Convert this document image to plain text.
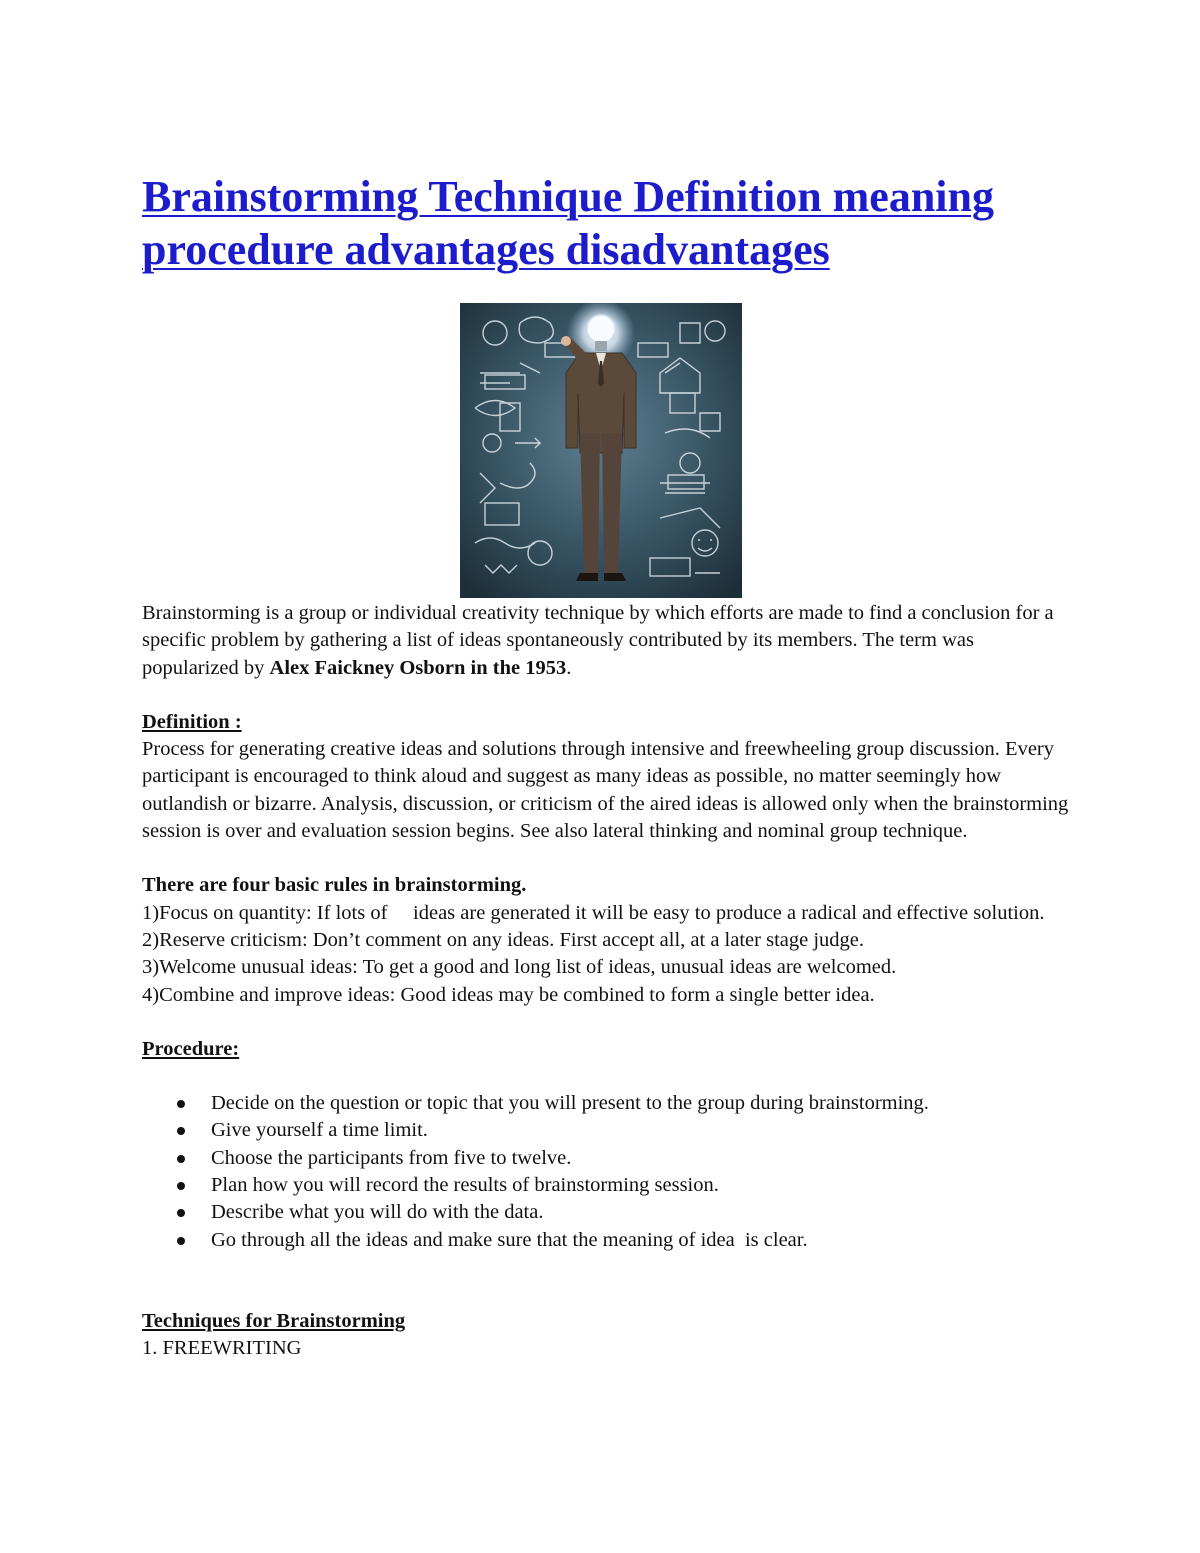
Brainstorming Technique Definition meaning procedure advantages disadvantages

Brainstorming is a group or individual creativity technique by which efforts are made to find a conclusion for a specific problem by gathering a list of ideas spontaneously contributed by its members. The term was popularized by Alex Faickney Osborn in the 1953.

Definition :

Process for generating creative ideas and solutions through intensive and freewheeling group discussion. Every participant is encouraged to think aloud and suggest as many ideas as possible, no matter seemingly how outlandish or bizarre. Analysis, discussion, or criticism of the aired ideas is allowed only when the brainstorming session is over and evaluation session begins. See also lateral thinking and nominal group technique.

There are four basic rules in brainstorming.

1)Focus on quantity: If lots of     ideas are generated it will be easy to produce a radical and effective solution.

2)Reserve criticism: Don’t comment on any ideas. First accept all, at a later stage judge.

3)Welcome unusual ideas: To get a good and long list of ideas, unusual ideas are welcomed.

4)Combine and improve ideas: Good ideas may be combined to form a single better idea.

Procedure:

Decide on the question or topic that you will present to the group during brainstorming.
Give yourself a time limit.
Choose the participants from five to twelve.
Plan how you will record the results of brainstorming session.
Describe what you will do with the data.
Go through all the ideas and make sure that the meaning of idea  is clear.

Techniques for Brainstorming

1. FREEWRITING
